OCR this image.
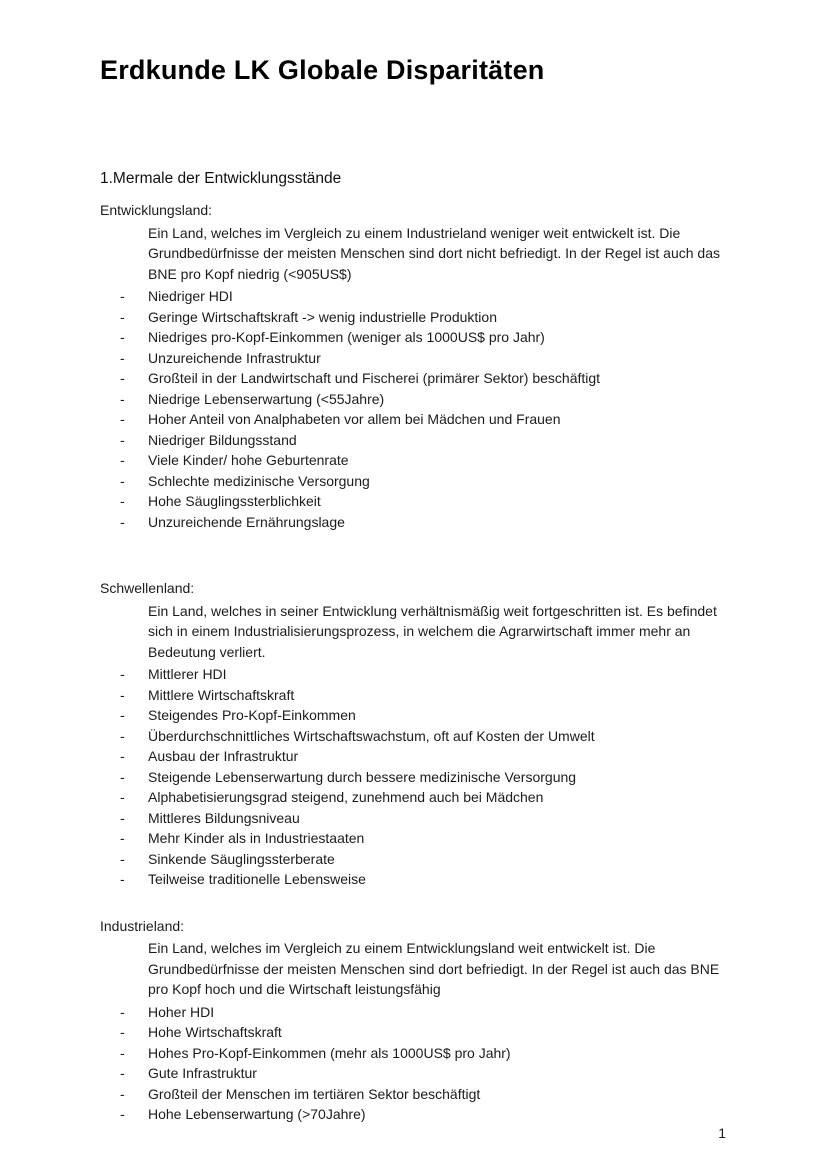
Erdkunde LK Globale Disparitäten
1.Mermale der Entwicklungsstände
Entwicklungsland:

Ein Land, welches im Vergleich zu einem Industrieland weniger weit entwickelt ist. Die Grundbedürfnisse der meisten Menschen sind dort nicht befriedigt. In der Regel ist auch das BNE pro Kopf niedrig (<905US$)

-	Niedriger HDI
-	Geringe Wirtschaftskraft -> wenig industrielle Produktion
-	Niedriges pro-Kopf-Einkommen (weniger als 1000US$ pro Jahr)
-	Unzureichende Infrastruktur
-	Großteil in der Landwirtschaft und Fischerei (primärer Sektor) beschäftigt
-	Niedrige Lebenserwartung (<55Jahre)
-	Hoher Anteil von Analphabeten vor allem bei Mädchen und Frauen
-	Niedriger Bildungsstand
-	Viele Kinder/ hohe Geburtenrate
-	Schlechte medizinische Versorgung
-	Hohe Säuglingssterblichkeit
-	Unzureichende Ernährungslage
Schwellenland:

Ein Land, welches in seiner Entwicklung verhältnismäßig weit fortgeschritten ist. Es befindet sich in einem Industrialisierungsprozess, in welchem die Agrarwirtschaft immer mehr an Bedeutung verliert.

-	Mittlerer HDI
-	Mittlere Wirtschaftskraft
-	Steigendes Pro-Kopf-Einkommen
-	Überdurchschnittliches Wirtschaftswachstum, oft auf Kosten der Umwelt
-	Ausbau der Infrastruktur
-	Steigende Lebenserwartung durch bessere medizinische Versorgung
-	Alphabetisierungsgrad steigend, zunehmend auch bei Mädchen
-	Mittleres Bildungsniveau
-	Mehr Kinder als in Industriestaaten
-	Sinkende Säuglingssterberate
-	Teilweise traditionelle Lebensweise
Industrieland:

Ein Land, welches im Vergleich zu einem Entwicklungsland weit entwickelt ist. Die Grundbedürfnisse der meisten Menschen sind dort befriedigt. In der Regel ist auch das BNE pro Kopf hoch und die Wirtschaft leistungsfähig

-	Hoher HDI
-	Hohe Wirtschaftskraft
-	Hohes Pro-Kopf-Einkommen (mehr als 1000US$ pro Jahr)
-	Gute Infrastruktur
-	Großteil der Menschen im tertiären Sektor beschäftigt
-	Hohe Lebenserwartung (>70Jahre)
1
